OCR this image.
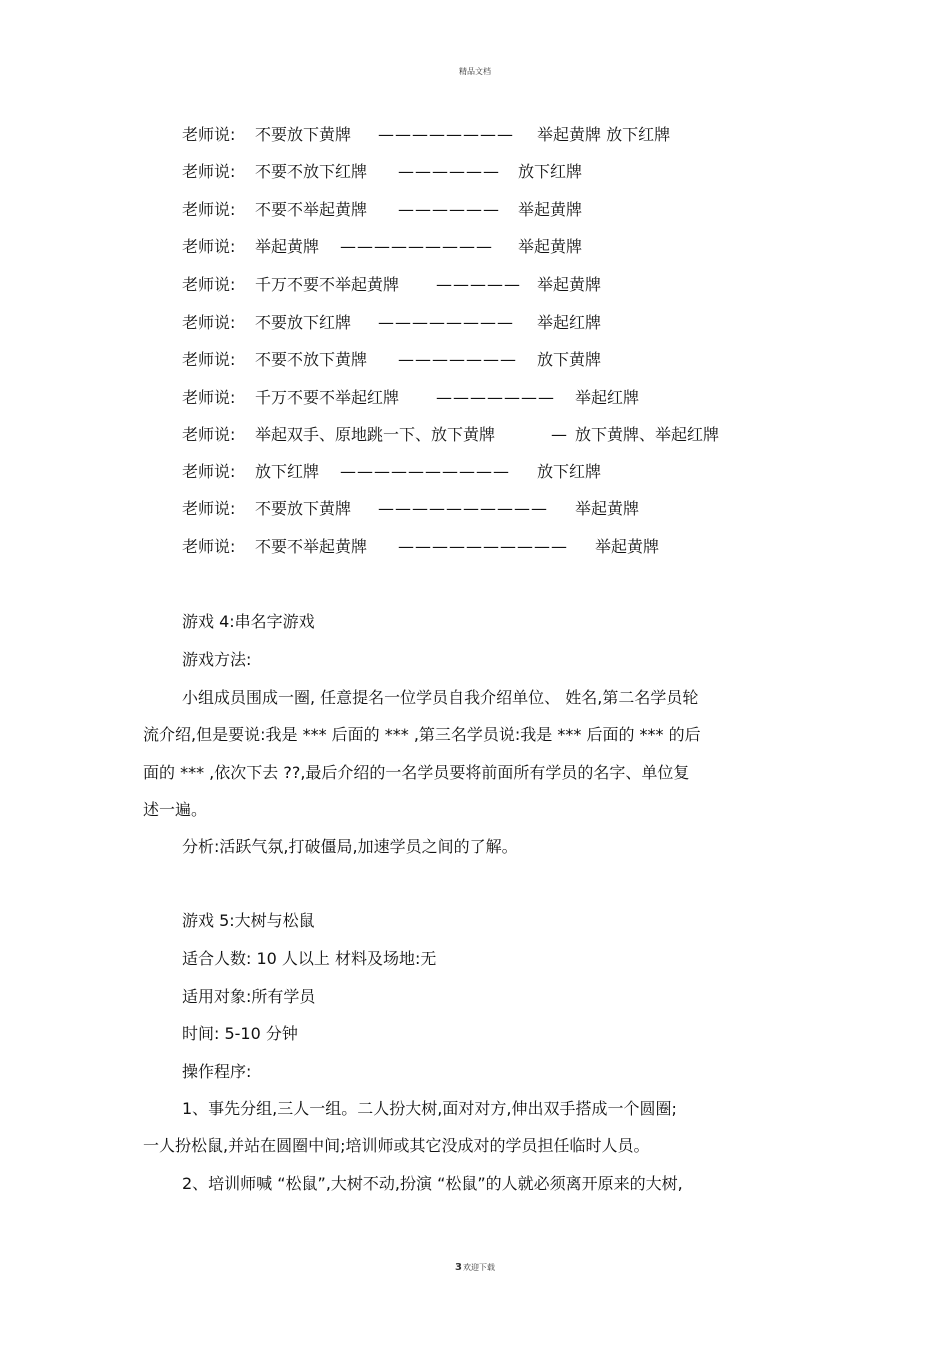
精品文档
老师说: 不要放下黄牌 ———————— 举起黄牌 放下红牌
老师说: 不要不放下红牌 —————— 放下红牌
老师说: 不要不举起黄牌 —————— 举起黄牌
老师说: 举起黄牌 ————————— 举起黄牌
老师说: 千万不要不举起黄牌 ————— 举起黄牌
老师说: 不要放下红牌 ———————— 举起红牌
老师说: 不要不放下黄牌 ——————— 放下黄牌
老师说: 千万不要不举起红牌 ——————— 举起红牌
老师说: 举起双手、原地跳一下、放下黄牌	— 放下黄牌、举起红牌
老师说: 放下红牌 —————————— 放下红牌
老师说: 不要放下黄牌 —————————— 举起黄牌
老师说: 不要不举起黄牌 —————————— 举起黄牌
游戏 4:串名字游戏
游戏方法:
小组成员围成一圈, 任意提名一位学员自我介绍单位、 姓名,第二名学员轮
流介绍,但是要说:我是 *** 后面的 *** ,第三名学员说:我是 *** 后面的 *** 的后
面的 *** ,依次下去 ??,最后介绍的一名学员要将前面所有学员的名字、单位复
述一遍。
分析:活跃气氛,打破僵局,加速学员之间的了解。
游戏 5:大树与松鼠
适合人数: 10 人以上 材料及场地:无
适用对象:所有学员
时间: 5-10 分钟
操作程序:
1、事先分组,三人一组。二人扮大树,面对对方,伸出双手搭成一个圆圈;
一人扮松鼠,并站在圆圈中间;培训师或其它没成对的学员担任临时人员。
2、培训师喊 “松鼠”,大树不动,扮演 “松鼠”的人就必须离开原来的大树,
3欢迎下载
